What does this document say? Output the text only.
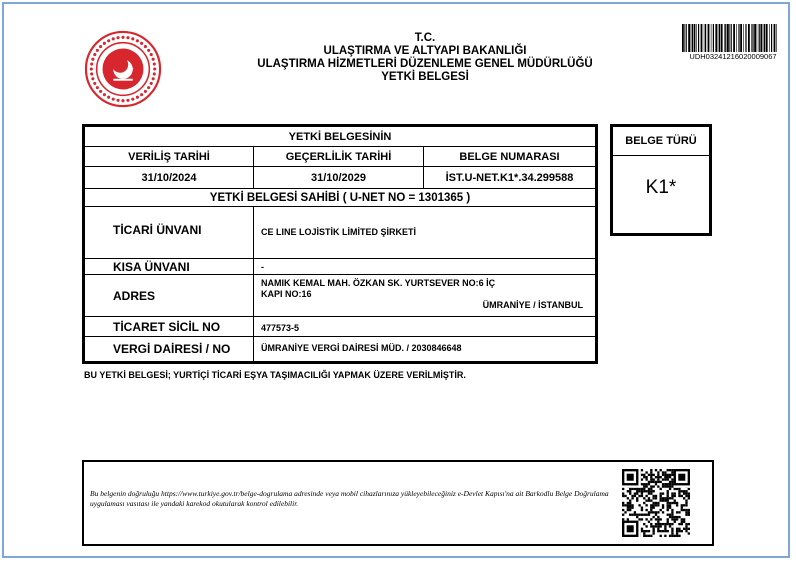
T.C.
ULAŞTIRMA VE ALTYAPI BAKANLIĞI
ULAŞTIRMA HİZMETLERİ DÜZENLEME GENEL MÜDÜRLÜĞÜ
YETKİ BELGESİ
UDH03241216020009067
YETKİ BELGESİNİN
VERİLİŞ TARİHİ	GEÇERLİLİK TARİHİ	BELGE NUMARASI
31/10/2024	31/10/2029	İST.U-NET.K1*.34.299588
YETKİ BELGESİ SAHİBİ ( U-NET NO = 1301365 )
TİCARİ ÜNVANI	CE LINE LOJİSTİK LİMİTED ŞİRKETİ
KISA ÜNVANI	-
ADRES
NAMIK KEMAL MAH. ÖZKAN SK. YURTSEVER NO:6 İÇ
KAPI NO:16
ÜMRANİYE / İSTANBUL
TİCARET SİCİL NO	477573-5
VERGİ DAİRESİ / NO	ÜMRANİYE VERGİ DAİRESİ MÜD. / 2030846648
BELGE TÜRÜ
K1*
BU YETKİ BELGESİ; YURTİÇİ TİCARİ EŞYA TAŞIMACILIĞI YAPMAK ÜZERE VERİLMİŞTİR.
Bu belgenin doğruluğu https://www.turkiye.gov.tr/belge-dogrulama adresinde veya mobil cihazlarınıza yükleyebileceğiniz e-Devlet Kapısı'na ait Barkodlu Belge Doğrulama uygulaması vasıtası ile yandaki karekod okutularak kontrol edilebilir.
